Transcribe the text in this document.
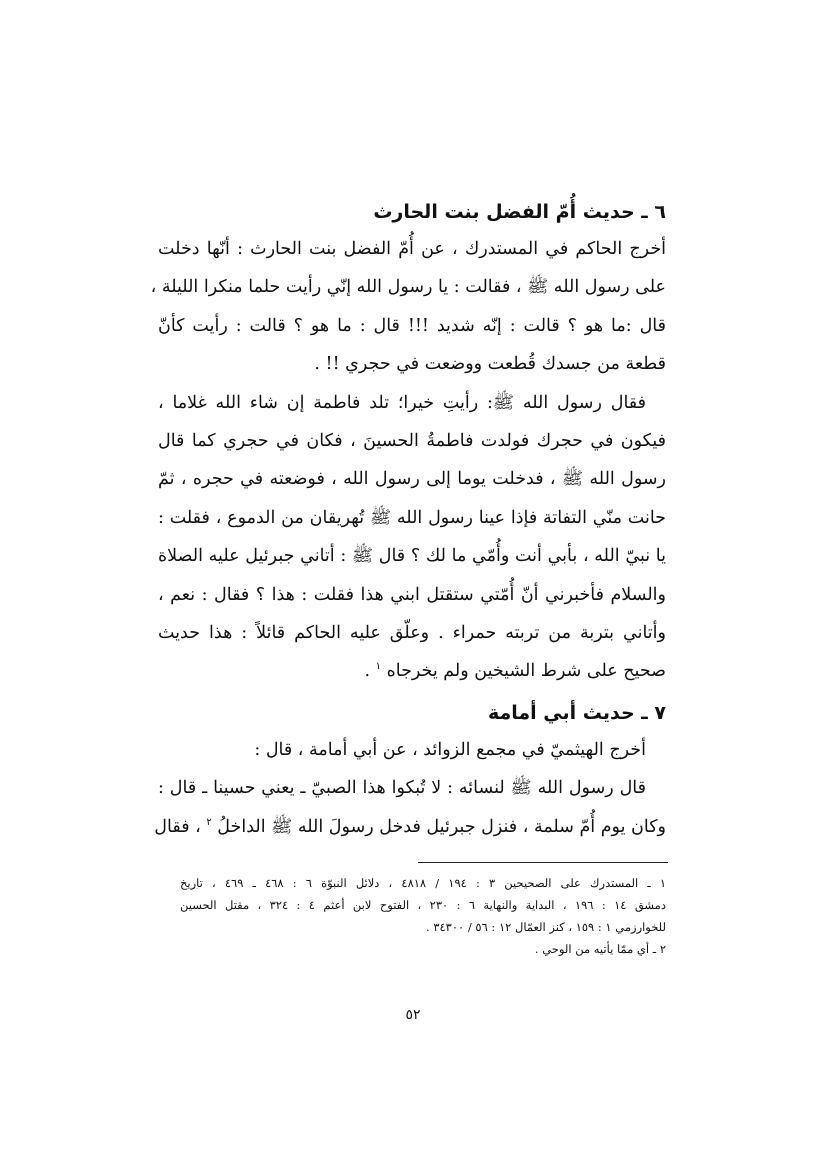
٦ ـ حديث أُمّ الفضل بنت الحارث

أخرج الحاكم في المستدرك ، عن أُمّ الفضل بنت الحارث : أنّها دخلت
على رسول الله ﷺ ، فقالت : يا رسول الله إنّي رأيت حلما منكرا الليلة ،
قال :ما هو ؟ قالت : إنّه شديد !!! قال : ما هو ؟ قالت : رأيت كأنّ
قطعة من جسدك قُطعت ووضعت في حجري !! .

فقال رسول الله ﷺ: رأيتِ خيرا؛ تلد فاطمة إن شاء الله غلاما ،
فيكون في حجرك فولدت فاطمةُ الحسينَ ، فكان في حجري كما قال
رسول الله ﷺ ، فدخلت يوما إلى رسول الله ، فوضعته في حجره ، ثمّ
حانت منّي التفاتة فإذا عينا رسول الله ﷺ تُهريقان من الدموع ، فقلت :
يا نبيّ الله ، بأبي أنت وأُمّي ما لك ؟ قال ﷺ : أتاني جبرئيل عليه الصلاة
والسلام فأخبرني أنّ أُمّتي ستقتل ابني هذا فقلت : هذا ؟ فقال : نعم ،
وأتاني بتربة من تربته حمراء . وعلّق عليه الحاكم قائلاً : هذا حديث
صحيح على شرط الشيخين ولم يخرجاه $^١$ .

٧ ـ حديث أبي أمامة

أخرج الهيثميّ في مجمع الزوائد ، عن أبي أمامة ، قال :

قال رسول الله ﷺ لنسائه : لا تُبكوا هذا الصبيّ ـ يعني حسينا ـ قال :
وكان يوم أُمّ سلمة ، فنزل جبرئيل فدخل رسولَ الله ﷺ الداخلُ $^٢$ ، فقال

١ ـ المستدرك على الصحيحين ٣ : ١٩٤ / ٤٨١٨ ، دلائل النبوّة ٦ : ٤٦٨ ـ ٤٦٩ ، تاريخ
دمشق ١٤ : ١٩٦ ، البداية والنهاية ٦ : ٢٣٠ ، الفتوح لابن أعثم ٤ : ٣٢٤ ، مقتل الحسين
للخوارزمي ١ : ١٥٩ ، كنز العمّال ١٢ : ٥٦ / ٣٤٣٠٠ .
٢ ـ أي ممّا يأتيه من الوحي .
٥٢
